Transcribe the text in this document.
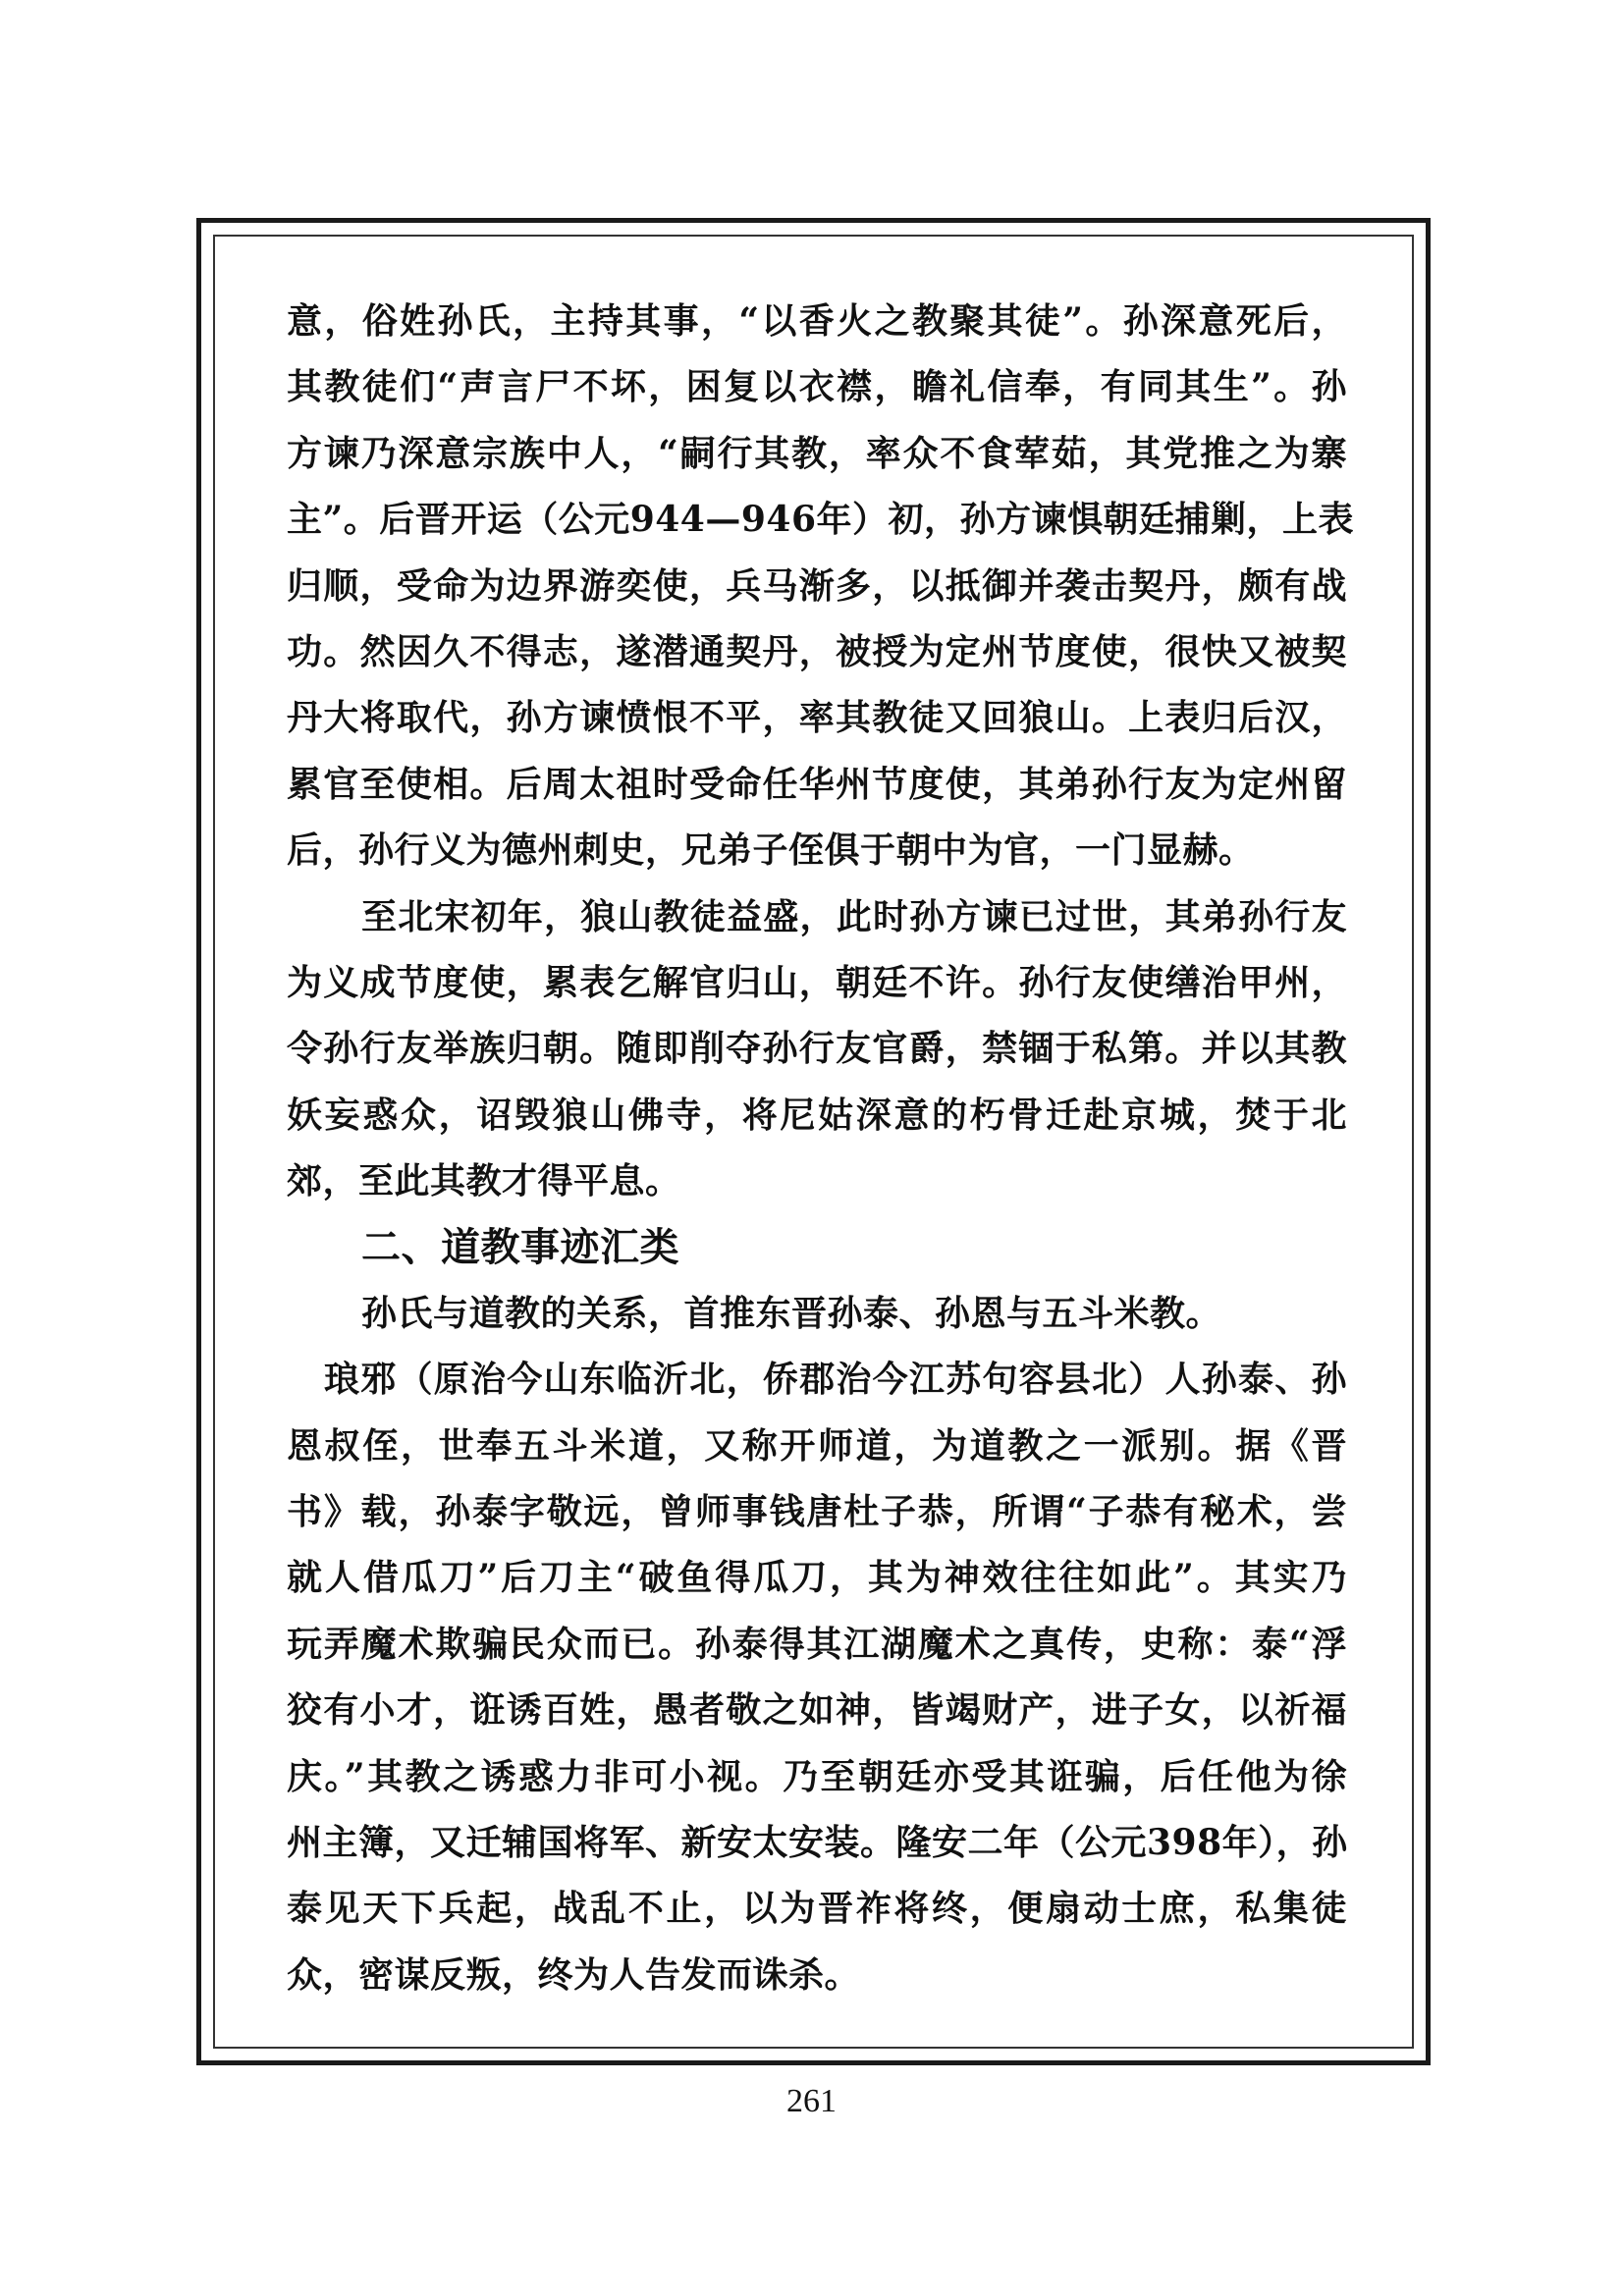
意，俗姓孙氏，主持其事，“以香火之教聚其徒”。孙深意死后，
其教徒们“声言尸不坏，困复以衣襟，瞻礼信奉，有同其生”。孙
方谏乃深意宗族中人，“嗣行其教，率众不食荤茹，其党推之为寨
主”。后晋开运（公元944—946年）初，孙方谏惧朝廷捕剿，上表
归顺，受命为边界游奕使，兵马渐多，以抵御并袭击契丹，颇有战
功。然因久不得志，遂潜通契丹，被授为定州节度使，很快又被契
丹大将取代，孙方谏愤恨不平，率其教徒又回狼山。上表归后汉，
累官至使相。后周太祖时受命任华州节度使，其弟孙行友为定州留
后，孙行义为德州刺史，兄弟子侄俱于朝中为官，一门显赫。
至北宋初年，狼山教徒益盛，此时孙方谏已过世，其弟孙行友
为义成节度使，累表乞解官归山，朝廷不许。孙行友使缮治甲州，
令孙行友举族归朝。随即削夺孙行友官爵，禁锢于私第。并以其教
妖妄惑众，诏毁狼山佛寺，将尼姑深意的朽骨迁赴京城，焚于北
郊，至此其教才得平息。
二、道教事迹汇类
孙氏与道教的关系，首推东晋孙泰、孙恩与五斗米教。
琅邪（原治今山东临沂北，侨郡治今江苏句容县北）人孙泰、孙
恩叔侄，世奉五斗米道，又称开师道，为道教之一派别。据《晋
书》载，孙泰字敬远，曾师事钱唐杜子恭，所谓“子恭有秘术，尝
就人借瓜刀”后刀主“破鱼得瓜刀，其为神效往往如此”。其实乃
玩弄魔术欺骗民众而已。孙泰得其江湖魔术之真传，史称：泰“浮
狡有小才，诳诱百姓，愚者敬之如神，皆竭财产，进子女，以祈福
庆。”其教之诱惑力非可小视。乃至朝廷亦受其诳骗，后任他为徐
州主簿，又迁辅国将军、新安太安装。隆安二年（公元398年），孙
泰见天下兵起，战乱不止，以为晋祚将终，便扇动士庶，私集徒
众，密谋反叛，终为人告发而诛杀。
261
